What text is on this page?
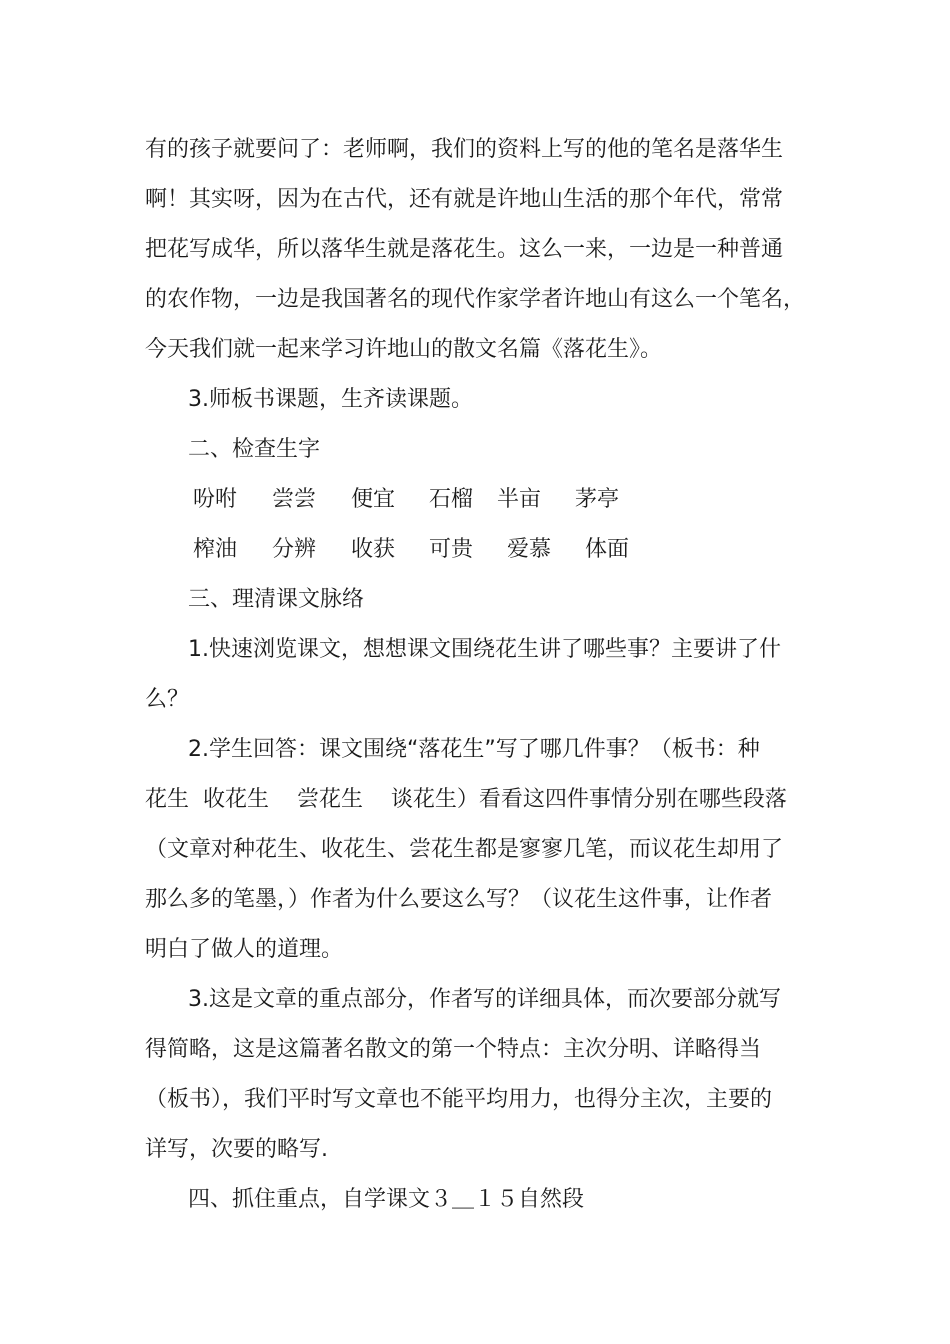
有的孩子就要问了：老师啊，我们的资料上写的他的笔名是落华生
啊！其实呀，因为在古代，还有就是许地山生活的那个年代，常常
把花写成华，所以落华生就是落花生。这么一来，一边是一种普通
的农作物，一边是我国著名的现代作家学者许地山有这么一个笔名，
今天我们就一起来学习许地山的散文名篇《落花生》。
3.师板书课题，生齐读课题。
二、检查生字
吩咐 尝尝 便宜 石榴 半亩 茅亭
榨油 分辨 收获 可贵 爱慕 体面
三、理清课文脉络
1.快速浏览课文，想想课文围绕花生讲了哪些事？主要讲了什
么？
2.学生回答：课文围绕“落花生”写了哪几件事？（板书：种
花生  收花生    尝花生    谈花生）看看这四件事情分别在哪些段落
（文章对种花生、收花生、尝花生都是寥寥几笔，而议花生却用了
那么多的笔墨，）作者为什么要这么写？（议花生这件事，让作者
明白了做人的道理。
3.这是文章的重点部分，作者写的详细具体，而次要部分就写
得简略，这是这篇著名散文的第一个特点：主次分明、详略得当
（板书），我们平时写文章也不能平均用力，也得分主次，主要的
详写，次要的略写.
四、抓住重点，自学课文３＿１５自然段
